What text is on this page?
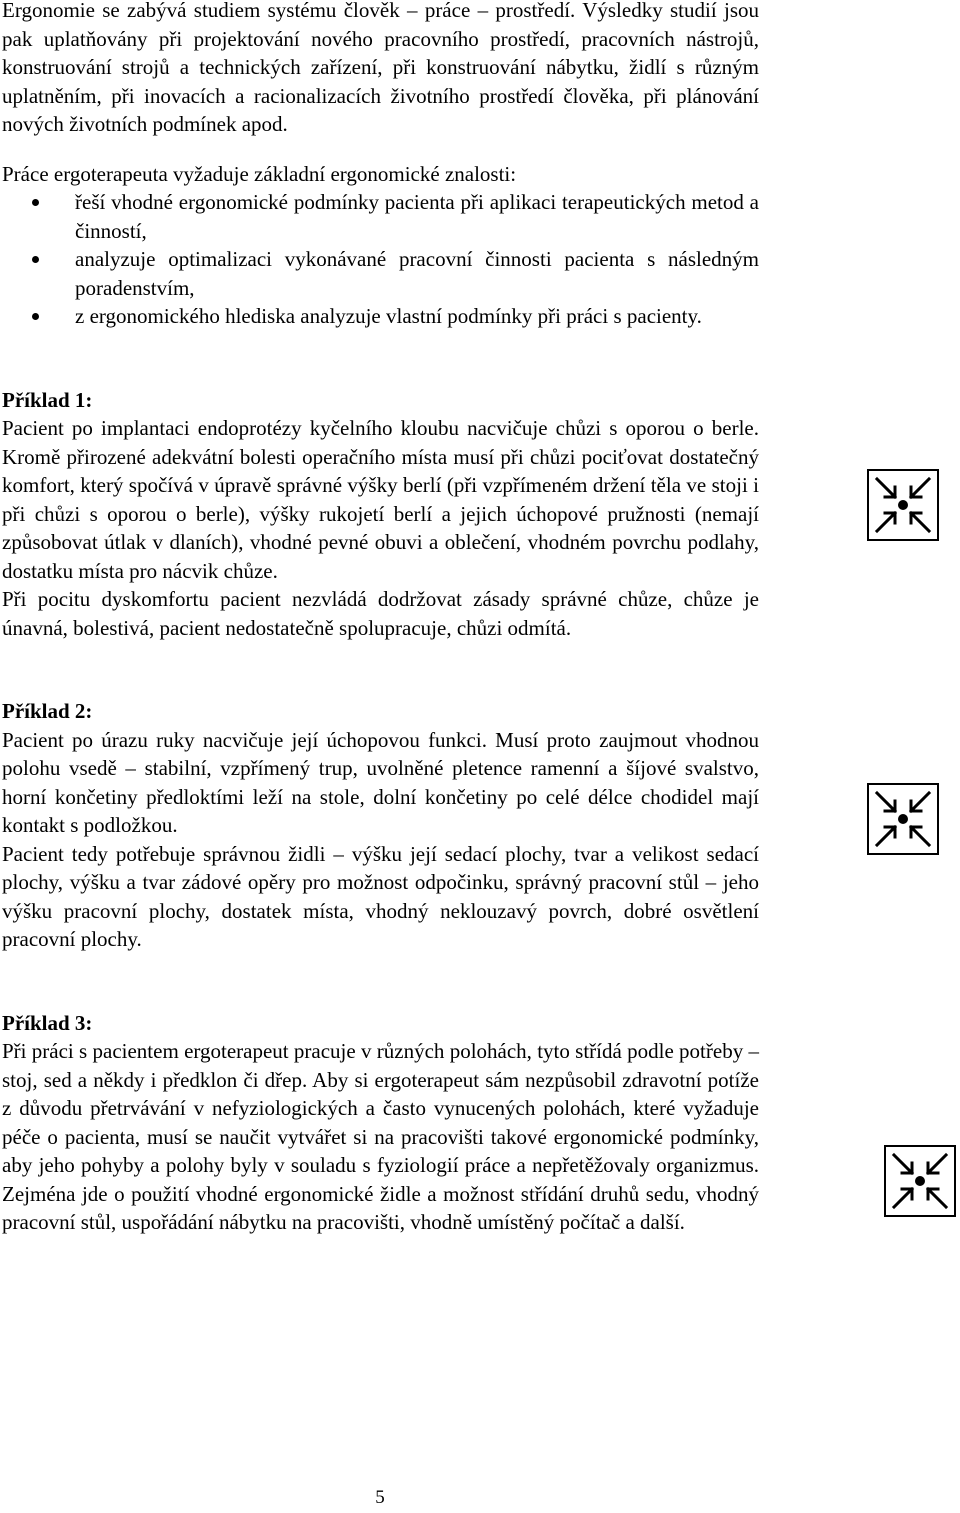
Ergonomie se zabývá studiem systému člověk – práce – prostředí. Výsledky studií jsou pak uplatňovány při projektování nového pracovního prostředí, pracovních nástrojů, konstruování strojů a technických zařízení, při konstruování nábytku, židlí s různým uplatněním, při inovacích a racionalizacích životního prostředí člověka, při plánování nových životních podmínek apod.

Práce ergoterapeuta vyžaduje základní ergonomické znalosti:

řeší vhodné ergonomické podmínky pacienta při aplikaci terapeutických metod a činností,
analyzuje optimalizaci vykonávané pracovní činnosti pacienta s následným poradenstvím,
z ergonomického hlediska analyzuje vlastní podmínky při práci s pacienty.

Příklad 1:

Pacient po implantaci endoprotézy kyčelního kloubu nacvičuje chůzi s oporou o berle. Kromě přirozené adekvátní bolesti operačního místa musí při chůzi pociťovat dostatečný komfort, který spočívá v úpravě správné výšky berlí (při vzpřímeném držení těla ve stoji i při chůzi s oporou o berle), výšky rukojetí berlí a jejich úchopové pružnosti (nemají způsobovat útlak v dlaních), vhodné pevné obuvi a oblečení, vhodném povrchu podlahy, dostatku místa pro nácvik chůze.

Při pocitu dyskomfortu pacient nezvládá dodržovat zásady správné chůze, chůze je únavná, bolestivá, pacient nedostatečně spolupracuje, chůzi odmítá.

Příklad 2:

Pacient po úrazu ruky nacvičuje její úchopovou funkci. Musí proto zaujmout vhodnou polohu vsedě – stabilní, vzpřímený trup, uvolněné pletence ramenní a šíjové svalstvo, horní končetiny předloktími leží na stole, dolní končetiny po celé délce chodidel mají kontakt s podložkou.

Pacient tedy potřebuje správnou židli – výšku její sedací plochy, tvar a velikost sedací plochy, výšku a tvar zádové opěry pro možnost odpočinku, správný pracovní stůl – jeho výšku pracovní plochy, dostatek místa, vhodný neklouzavý povrch, dobré osvětlení pracovní plochy.

Příklad 3:

Při práci s pacientem ergoterapeut pracuje v různých polohách, tyto střídá podle potřeby – stoj, sed a někdy i předklon či dřep. Aby si ergoterapeut sám nezpůsobil zdravotní potíže z důvodu přetrvávání v nefyziologických a často vynucených polohách, které vyžaduje péče o pacienta, musí se naučit vytvářet si na pracovišti takové ergonomické podmínky, aby jeho pohyby a polohy byly v souladu s fyziologií práce a nepřetěžovaly organizmus. Zejména jde o použití vhodné ergonomické židle a možnost střídání druhů sedu, vhodný pracovní stůl, uspořádání nábytku na pracovišti, vhodně umístěný počítač a další.

5
